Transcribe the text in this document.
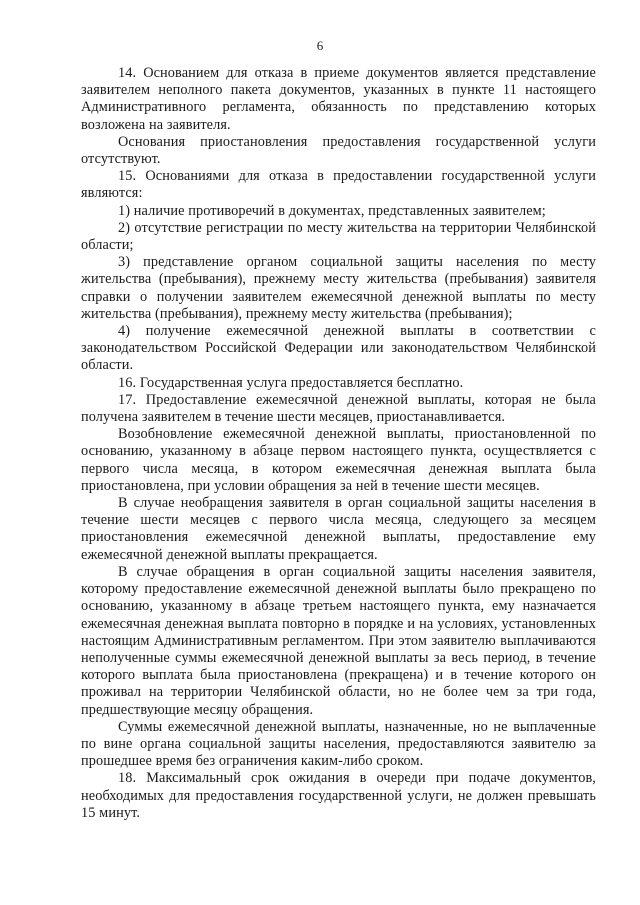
6

14. Основанием для отказа в приеме документов является представление заявителем неполного пакета документов, указанных в пункте 11 настоящего Административного регламента, обязанность по представлению которых возложена на заявителя.

Основания приостановления предоставления государственной услуги отсутствуют.

15. Основаниями для отказа в предоставлении государственной услуги являются:

1) наличие противоречий в документах, представленных заявителем;

2) отсутствие регистрации по месту жительства на территории Челябинской области;

3) представление органом социальной защиты населения по месту жительства (пребывания), прежнему месту жительства (пребывания) заявителя справки о получении заявителем ежемесячной денежной выплаты по месту жительства (пребывания), прежнему месту жительства (пребывания);

4) получение ежемесячной денежной выплаты в соответствии с законодательством Российской Федерации или законодательством Челябинской области.

16. Государственная услуга предоставляется бесплатно.

17. Предоставление ежемесячной денежной выплаты, которая не была получена заявителем в течение шести месяцев, приостанавливается.

Возобновление ежемесячной денежной выплаты, приостановленной по основанию, указанному в абзаце первом настоящего пункта, осуществляется с первого числа месяца, в котором ежемесячная денежная выплата была приостановлена, при условии обращения за ней в течение шести месяцев.

В случае необращения заявителя в орган социальной защиты населения в течение шести месяцев с первого числа месяца, следующего за месяцем приостановления ежемесячной денежной выплаты, предоставление ему ежемесячной денежной выплаты прекращается.

В случае обращения в орган социальной защиты населения заявителя, которому предоставление ежемесячной денежной выплаты было прекращено по основанию, указанному в абзаце третьем настоящего пункта, ему назначается ежемесячная денежная выплата повторно в порядке и на условиях, установленных настоящим Административным регламентом. При этом заявителю выплачиваются неполученные суммы ежемесячной денежной выплаты за весь период, в течение которого выплата была приостановлена (прекращена) и в течение которого он проживал на территории Челябинской области, но не более чем за три года, предшествующие месяцу обращения.

Суммы ежемесячной денежной выплаты, назначенные, но не выплаченные по вине органа социальной защиты населения, предоставляются заявителю за прошедшее время без ограничения каким-либо сроком.

18. Максимальный срок ожидания в очереди при подаче документов, необходимых для предоставления государственной услуги, не должен превышать 15 минут.
